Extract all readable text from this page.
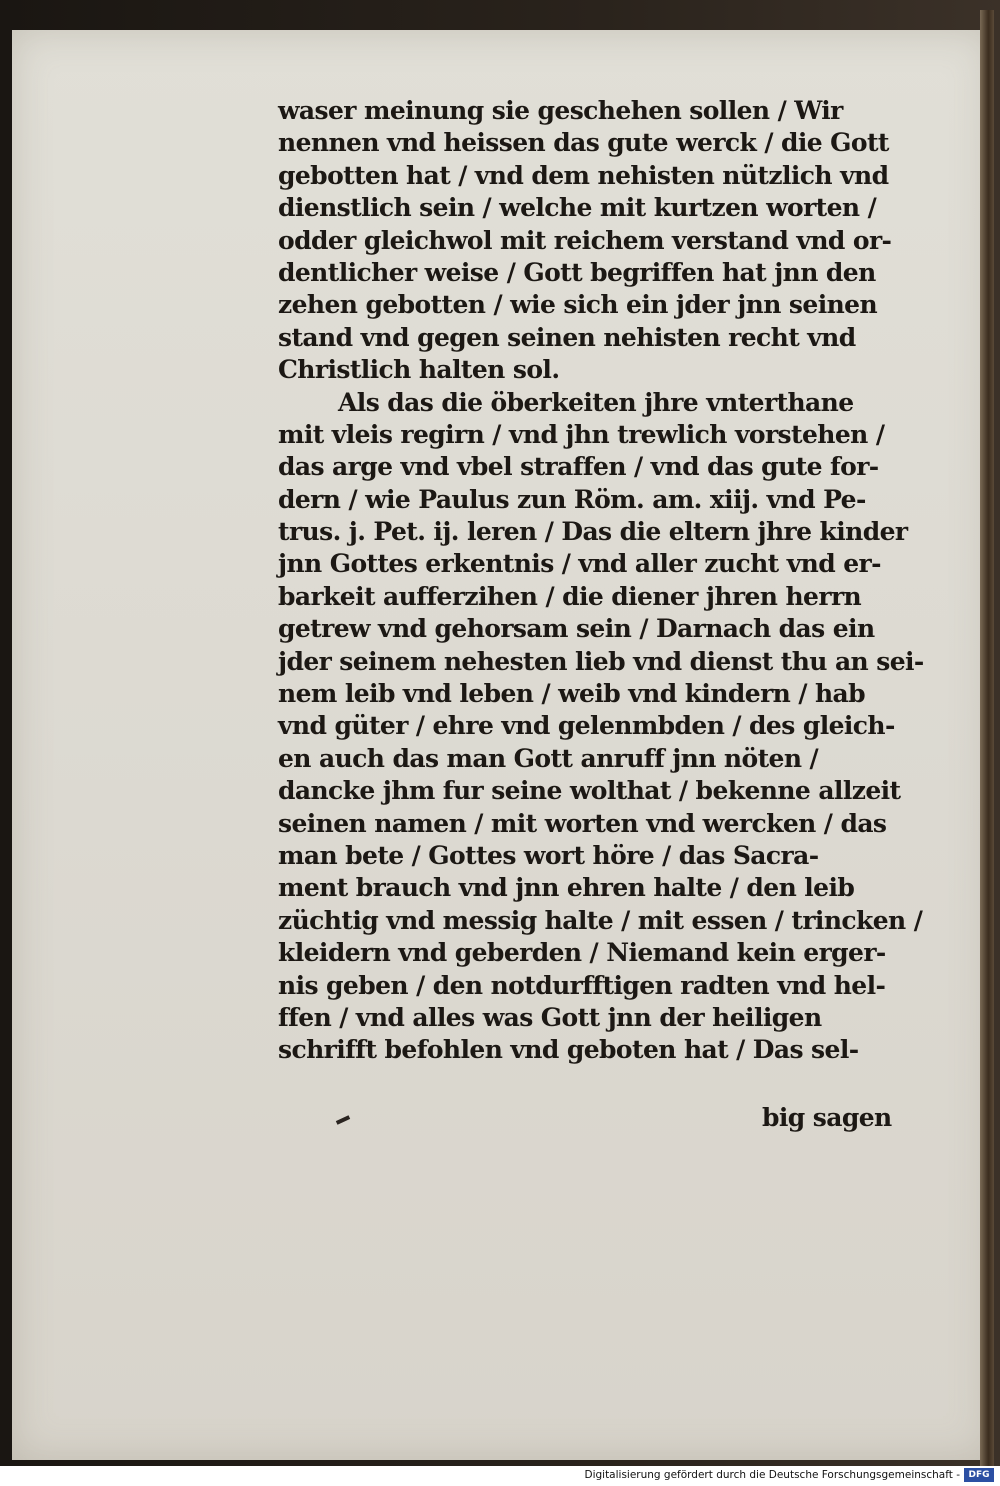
waser meinung sie geschehen sollen / Wir
nennen vnd heissen das gute werck / die Gott
gebotten hat / vnd dem nehisten nützlich vnd
dienstlich sein / welche mit kurtzen worten /
odder gleichwol mit reichem verstand vnd or-
dentlicher weise / Gott begriffen hat jnn den
zehen gebotten / wie sich ein jder jnn seinen
stand vnd gegen seinen nehisten recht vnd
Christlich halten sol.
Als das die öberkeiten jhre vnterthane
mit vleis regirn / vnd jhn trewlich vorstehen /
das arge vnd vbel straffen / vnd das gute for-
dern / wie Paulus zun Röm. am. xiij. vnd Pe-
trus. j. Pet. ij. leren / Das die eltern jhre kinder
jnn Gottes erkentnis / vnd aller zucht vnd er-
barkeit aufferzihen / die diener jhren herrn
getrew vnd gehorsam sein / Darnach das ein
jder seinem nehesten lieb vnd dienst thu an sei-
nem leib vnd leben / weib vnd kindern / hab
vnd güter / ehre vnd gelenmbden / des gleich-
en auch das man Gott anruff jnn nöten /
dancke jhm fur seine wolthat / bekenne allzeit
seinen namen / mit worten vnd wercken / das
man bete / Gottes wort höre / das Sacra-
ment brauch vnd jnn ehren halte / den leib
züchtig vnd messig halte / mit essen / trincken /
kleidern vnd geberden / Niemand kein erger-
nis geben / den notdurfftigen radten vnd hel-
ffen / vnd alles was Gott jnn der heiligen
schrifft befohlen vnd geboten hat / Das sel-
big sagen
Digitalisierung gefördert durch die Deutsche Forschungsgemeinschaft - DFG
